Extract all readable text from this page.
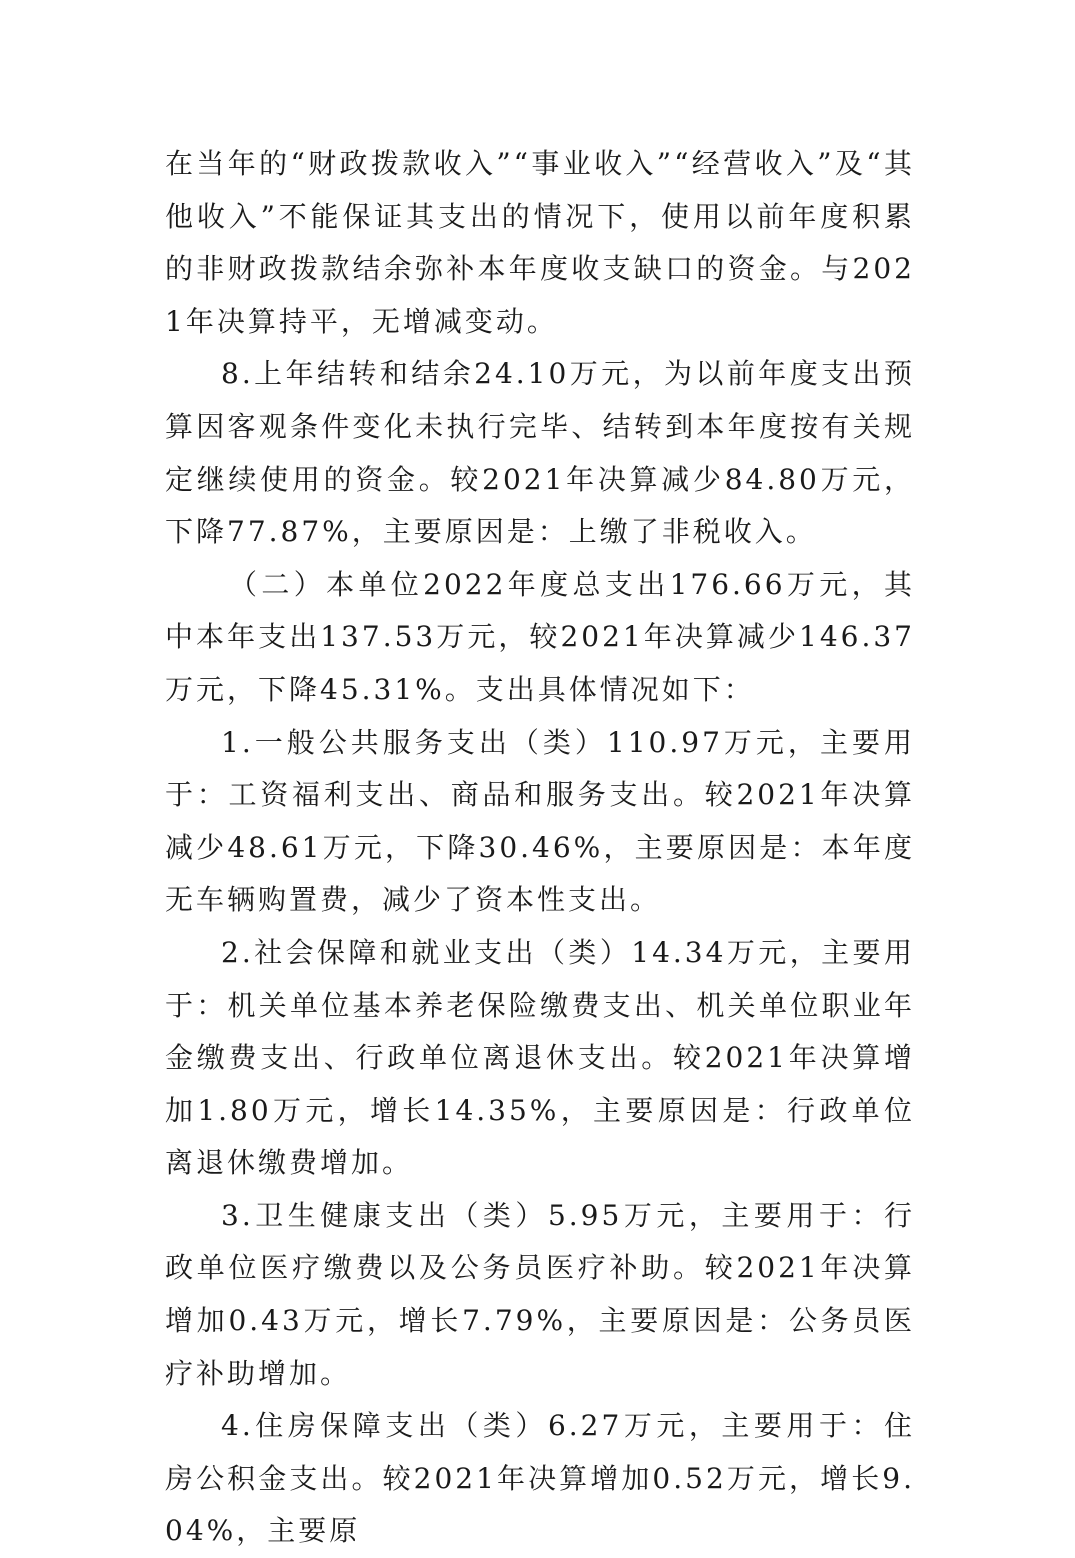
在当年的“财政拨款收入”“事业收入”“经营收入”及“其他收入”不能保证其支出的情况下，使用以前年度积累的非财政拨款结余弥补本年度收支缺口的资金。与2021年决算持平，无增减变动。

8.上年结转和结余24.10万元，为以前年度支出预算因客观条件变化未执行完毕、结转到本年度按有关规定继续使用的资金。较2021年决算减少84.80万元，下降77.87%，主要原因是：上缴了非税收入。

（二）本单位2022年度总支出176.66万元，其中本年支出137.53万元，较2021年决算减少146.37万元，下降45.31%。支出具体情况如下：

1.一般公共服务支出（类）110.97万元，主要用于：工资福利支出、商品和服务支出。较2021年决算减少48.61万元，下降30.46%，主要原因是：本年度无车辆购置费，减少了资本性支出。

2.社会保障和就业支出（类）14.34万元，主要用于：机关单位基本养老保险缴费支出、机关单位职业年金缴费支出、行政单位离退休支出。较2021年决算增加1.80万元，增长14.35%，主要原因是：行政单位离退休缴费增加。

3.卫生健康支出（类）5.95万元，主要用于：行政单位医疗缴费以及公务员医疗补助。较2021年决算增加0.43万元，增长7.79%，主要原因是：公务员医疗补助增加。

4.住房保障支出（类）6.27万元，主要用于：住房公积金支出。较2021年决算增加0.52万元，增长9.04%，主要原
